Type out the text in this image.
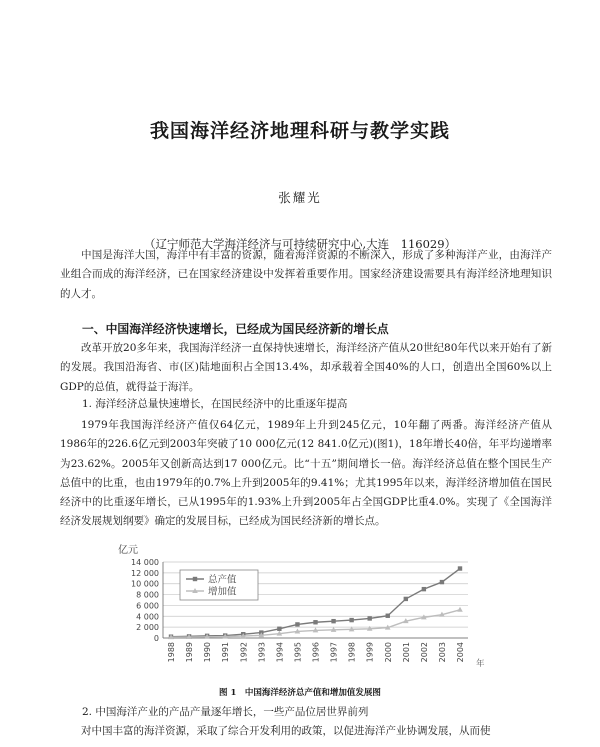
我国海洋经济地理科研与教学实践
张耀光
（辽宁师范大学海洋经济与可持续研究中心,大连　116029）

中国是海洋大国，海洋中有丰富的资源，随着海洋资源的不断深入，形成了多种海洋产业，由海洋产业组合而成的海洋经济，已在国家经济建设中发挥着重要作用。国家经济建设需要具有海洋经济地理知识的人才。

一、中国海洋经济快速增长，已经成为国民经济新的增长点

改革开放20多年来，我国海洋经济一直保持快速增长，海洋经济产值从20世纪80年代以来开始有了新的发展。我国沿海省、市(区)陆地面积占全国13.4%，却承载着全国40%的人口，创造出全国60%以上GDP的总值，就得益于海洋。

1. 海洋经济总量快速增长，在国民经济中的比重逐年提高

1979年我国海洋经济产值仅64亿元，1989年上升到245亿元，10年翻了两番。海洋经济产值从1986年的226.6亿元到2003年突破了10 000亿元(12 841.0亿元)(图1)，18年增长40倍，年平均递增率为23.62%。2005年又创新高达到17 000亿元。比“十五”期间增长一倍。海洋经济总值在整个国民生产总值中的比重，也由1979年的0.7%上升到2005年的9.41%；尤其1995年以来，海洋经济增加值在国民经济中的比重逐年增长，已从1995年的1.93%上升到2005年占全国GDP比重4.0%。实现了《全国海洋经济发展规划纲要》确定的发展目标，已经成为国民经济新的增长点。

亿元
0
2 000
4 000
6 000
8 000
10 000
12 000
14 000
1988 1989 1990 1991 1992 1993 1994 1995 1996 1997 1998 1999 2000 2001 2002 2003 2004
年
总产值
增加值
图 1　中国海洋经济总产值和增加值发展图
2. 中国海洋产业的产品产量逐年增长，一些产品位居世界前列

对中国丰富的海洋资源，采取了综合开发利用的政策，以促进海洋产业协调发展，从而使
